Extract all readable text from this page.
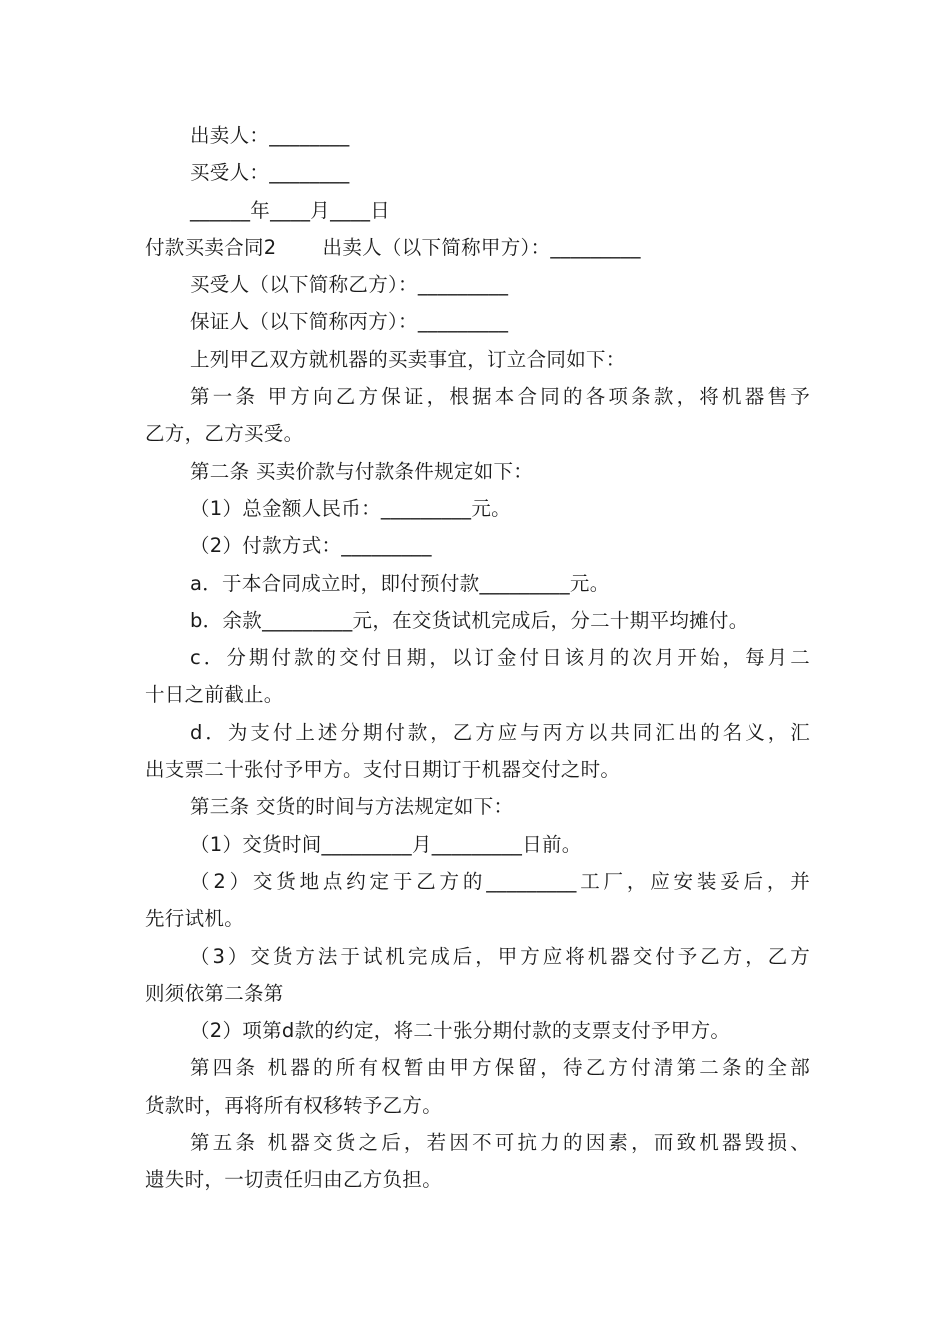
出卖人：________
买受人：________
______年____月____日
付款买卖合同2 出卖人（以下简称甲方）：_________
买受人（以下简称乙方）：_________
保证人（以下简称丙方）：_________
上列甲乙双方就机器的买卖事宜，订立合同如下：
第一条 甲方向乙方保证，根据本合同的各项条款，将机器售予
乙方，乙方买受。
第二条 买卖价款与付款条件规定如下：
（1）总金额人民币：_________元。
（2）付款方式：_________
a．于本合同成立时，即付预付款_________元。
b．余款_________元，在交货试机完成后，分二十期平均摊付。
c．分期付款的交付日期，以订金付日该月的次月开始，每月二
十日之前截止。
d．为支付上述分期付款，乙方应与丙方以共同汇出的名义，汇
出支票二十张付予甲方。支付日期订于机器交付之时。
第三条 交货的时间与方法规定如下：
（1）交货时间_________月_________日前。
（2）交货地点约定于乙方的_________工厂，应安装妥后，并
先行试机。
（3）交货方法于试机完成后，甲方应将机器交付予乙方，乙方
则须依第二条第
（2）项第d款的约定，将二十张分期付款的支票支付予甲方。
第四条 机器的所有权暂由甲方保留，待乙方付清第二条的全部
货款时，再将所有权移转予乙方。
第五条 机器交货之后，若因不可抗力的因素，而致机器毁损、
遗失时，一切责任归由乙方负担。
